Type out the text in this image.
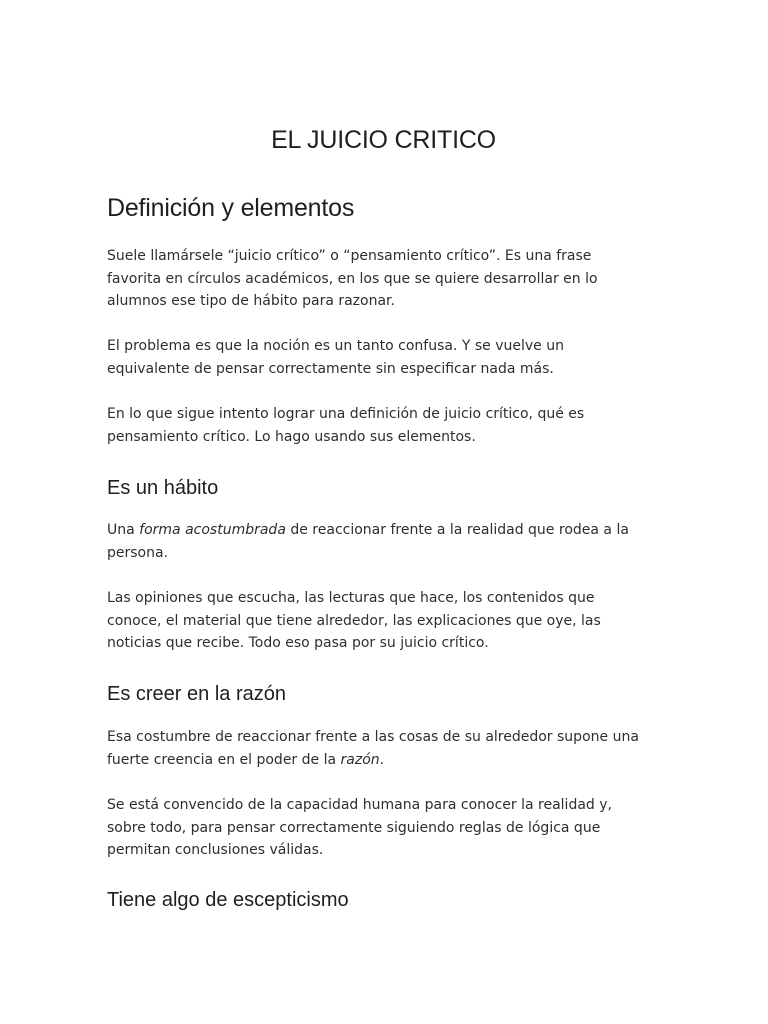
EL JUICIO CRITICO
Definición y elementos

Suele llamársele “juicio crítico” o “pensamiento crítico”. Es una frase
favorita en círculos académicos, en los que se quiere desarrollar en lo
alumnos ese tipo de hábito para razonar.

El problema es que la noción es un tanto confusa. Y se vuelve un
equivalente de pensar correctamente sin especificar nada más.

En lo que sigue intento lograr una definición de juicio crítico, qué es
pensamiento crítico. Lo hago usando sus elementos.

Es un hábito

Una forma acostumbrada de reaccionar frente a la realidad que rodea a la
persona.

Las opiniones que escucha, las lecturas que hace, los contenidos que
conoce, el material que tiene alrededor, las explicaciones que oye, las
noticias que recibe. Todo eso pasa por su juicio crítico.

Es creer en la razón

Esa costumbre de reaccionar frente a las cosas de su alrededor supone una
fuerte creencia en el poder de la razón.

Se está convencido de la capacidad humana para conocer la realidad y,
sobre todo, para pensar correctamente siguiendo reglas de lógica que
permitan conclusiones válidas.

Tiene algo de escepticismo
